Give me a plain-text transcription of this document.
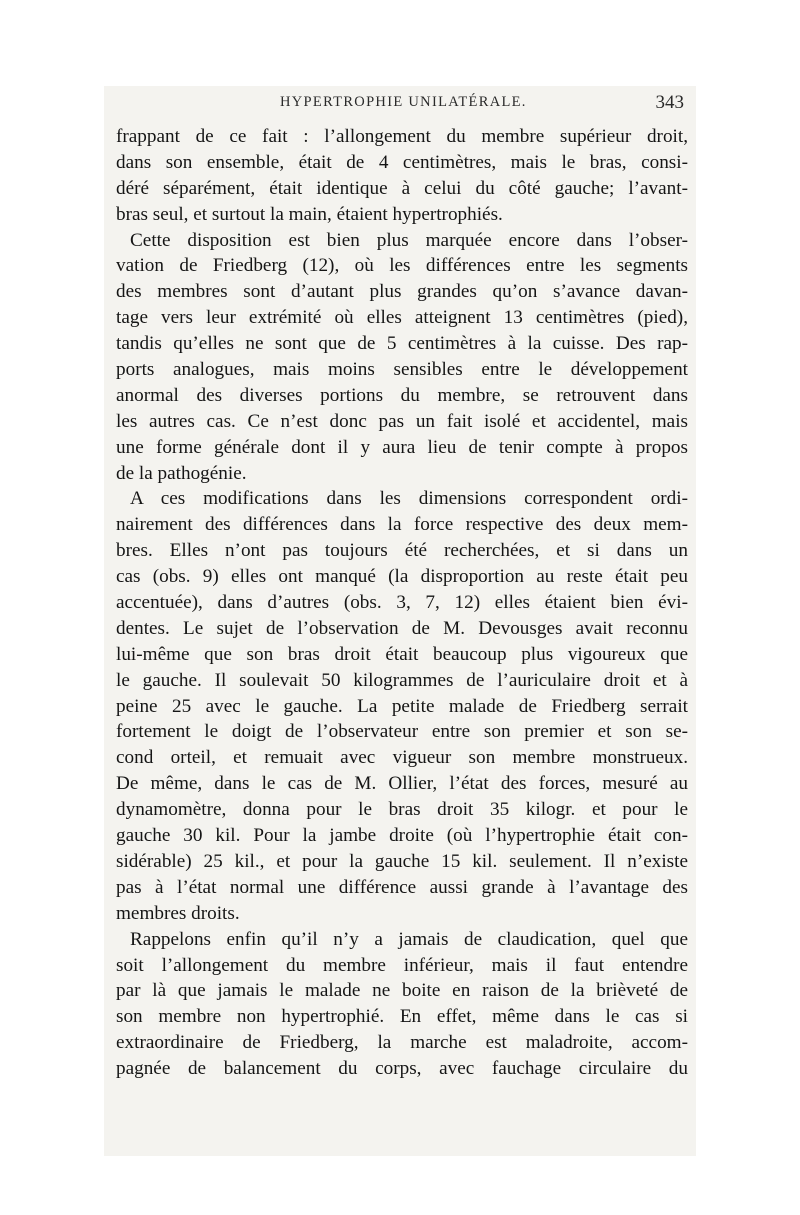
HYPERTROPHIE UNILATÉRALE.	343
frappant de ce fait : l’allongement du membre supérieur droit,
dans son ensemble, était de 4 centimètres, mais le bras, consi-
déré séparément, était identique à celui du côté gauche; l’avant-
bras seul, et surtout la main, étaient hypertrophiés.
Cette disposition est bien plus marquée encore dans l’obser-
vation de Friedberg (12), où les différences entre les segments
des membres sont d’autant plus grandes qu’on s’avance davan-
tage vers leur extrémité où elles atteignent 13 centimètres (pied),
tandis qu’elles ne sont que de 5 centimètres à la cuisse. Des rap-
ports analogues, mais moins sensibles entre le développement
anormal des diverses portions du membre, se retrouvent dans
les autres cas. Ce n’est donc pas un fait isolé et accidentel, mais
une forme générale dont il y aura lieu de tenir compte à propos
de la pathogénie.
A ces modifications dans les dimensions correspondent ordi-
nairement des différences dans la force respective des deux mem-
bres. Elles n’ont pas toujours été recherchées, et si dans un
cas (obs. 9) elles ont manqué (la disproportion au reste était peu
accentuée), dans d’autres (obs. 3, 7, 12) elles étaient bien évi-
dentes. Le sujet de l’observation de M. Devousges avait reconnu
lui-même que son bras droit était beaucoup plus vigoureux que
le gauche. Il soulevait 50 kilogrammes de l’auriculaire droit et à
peine 25 avec le gauche. La petite malade de Friedberg serrait
fortement le doigt de l’observateur entre son premier et son se-
cond orteil, et remuait avec vigueur son membre monstrueux.
De même, dans le cas de M. Ollier, l’état des forces, mesuré au
dynamomètre, donna pour le bras droit 35 kilogr. et pour le
gauche 30 kil. Pour la jambe droite (où l’hypertrophie était con-
sidérable) 25 kil., et pour la gauche 15 kil. seulement. Il n’existe
pas à l’état normal une différence aussi grande à l’avantage des
membres droits.
Rappelons enfin qu’il n’y a jamais de claudication, quel que
soit l’allongement du membre inférieur, mais il faut entendre
par là que jamais le malade ne boite en raison de la brièveté de
son membre non hypertrophié. En effet, même dans le cas si
extraordinaire de Friedberg, la marche est maladroite, accom-
pagnée de balancement du corps, avec fauchage circulaire du
